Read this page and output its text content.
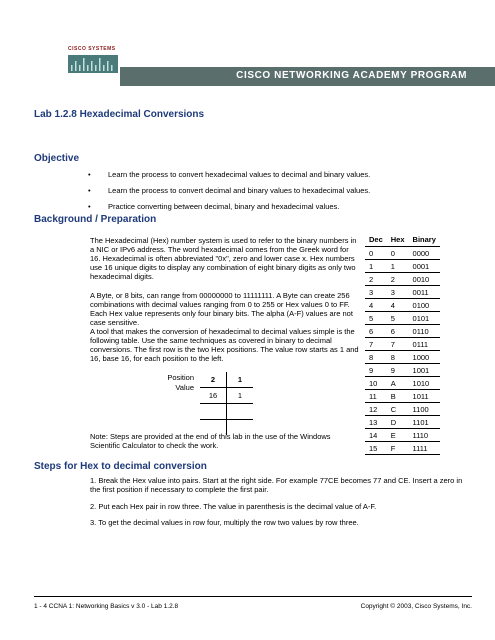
CISCO SYSTEMS
CISCO NETWORKING ACADEMY PROGRAM
Lab 1.2.8 Hexadecimal Conversions
Objective
• Learn the process to convert hexadecimal values to decimal and binary values.
• Learn the process to convert decimal and binary values to hexadecimal values.
• Practice converting between decimal, binary and hexadecimal values.
Background / Preparation
The Hexadecimal (Hex) number system is used to refer to the binary numbers in a NIC or IPv6 address. The word hexadecimal comes from the Greek word for 16. Hexadecimal is often abbreviated "0x", zero and lower case x. Hex numbers use 16 unique digits to display any combination of eight binary digits as only two hexadecimal digits.
A Byte, or 8 bits, can range from 00000000 to 11111111. A Byte can create 256 combinations with decimal values ranging from 0 to 255 or Hex values 0 to FF. Each Hex value represents only four binary bits. The alpha (A-F) values are not case sensitive.
A tool that makes the conversion of hexadecimal to decimal values simple is the following table. Use the same techniques as covered in binary to decimal conversions. The first row is the two Hex positions. The value row starts as 1 and 16, base 16, for each position to the left.
Position
Value
2	1
16	1

Note: Steps are provided at the end of this lab in the use of the Windows Scientific Calculator to check the work.
Dec	Hex	Binary
0	0	0000
1	1	0001
2	2	0010
3	3	0011
4	4	0100
5	5	0101
6	6	0110
7	7	0111
8	8	1000
9	9	1001
10	A	1010
11	B	1011
12	C	1100
13	D	1101
14	E	1110
15	F	1111
Steps for Hex to decimal conversion
1. Break the Hex value into pairs. Start at the right side. For example 77CE becomes 77 and CE. Insert a zero in the first position if necessary to complete the first pair.
2. Put each Hex pair in row three. The value in parenthesis is the decimal value of A-F.
3. To get the decimal values in row four, multiply the row two values by row three.
1 - 4 CCNA 1: Networking Basics v 3.0 - Lab 1.2.8	Copyright © 2003, Cisco Systems, Inc.
